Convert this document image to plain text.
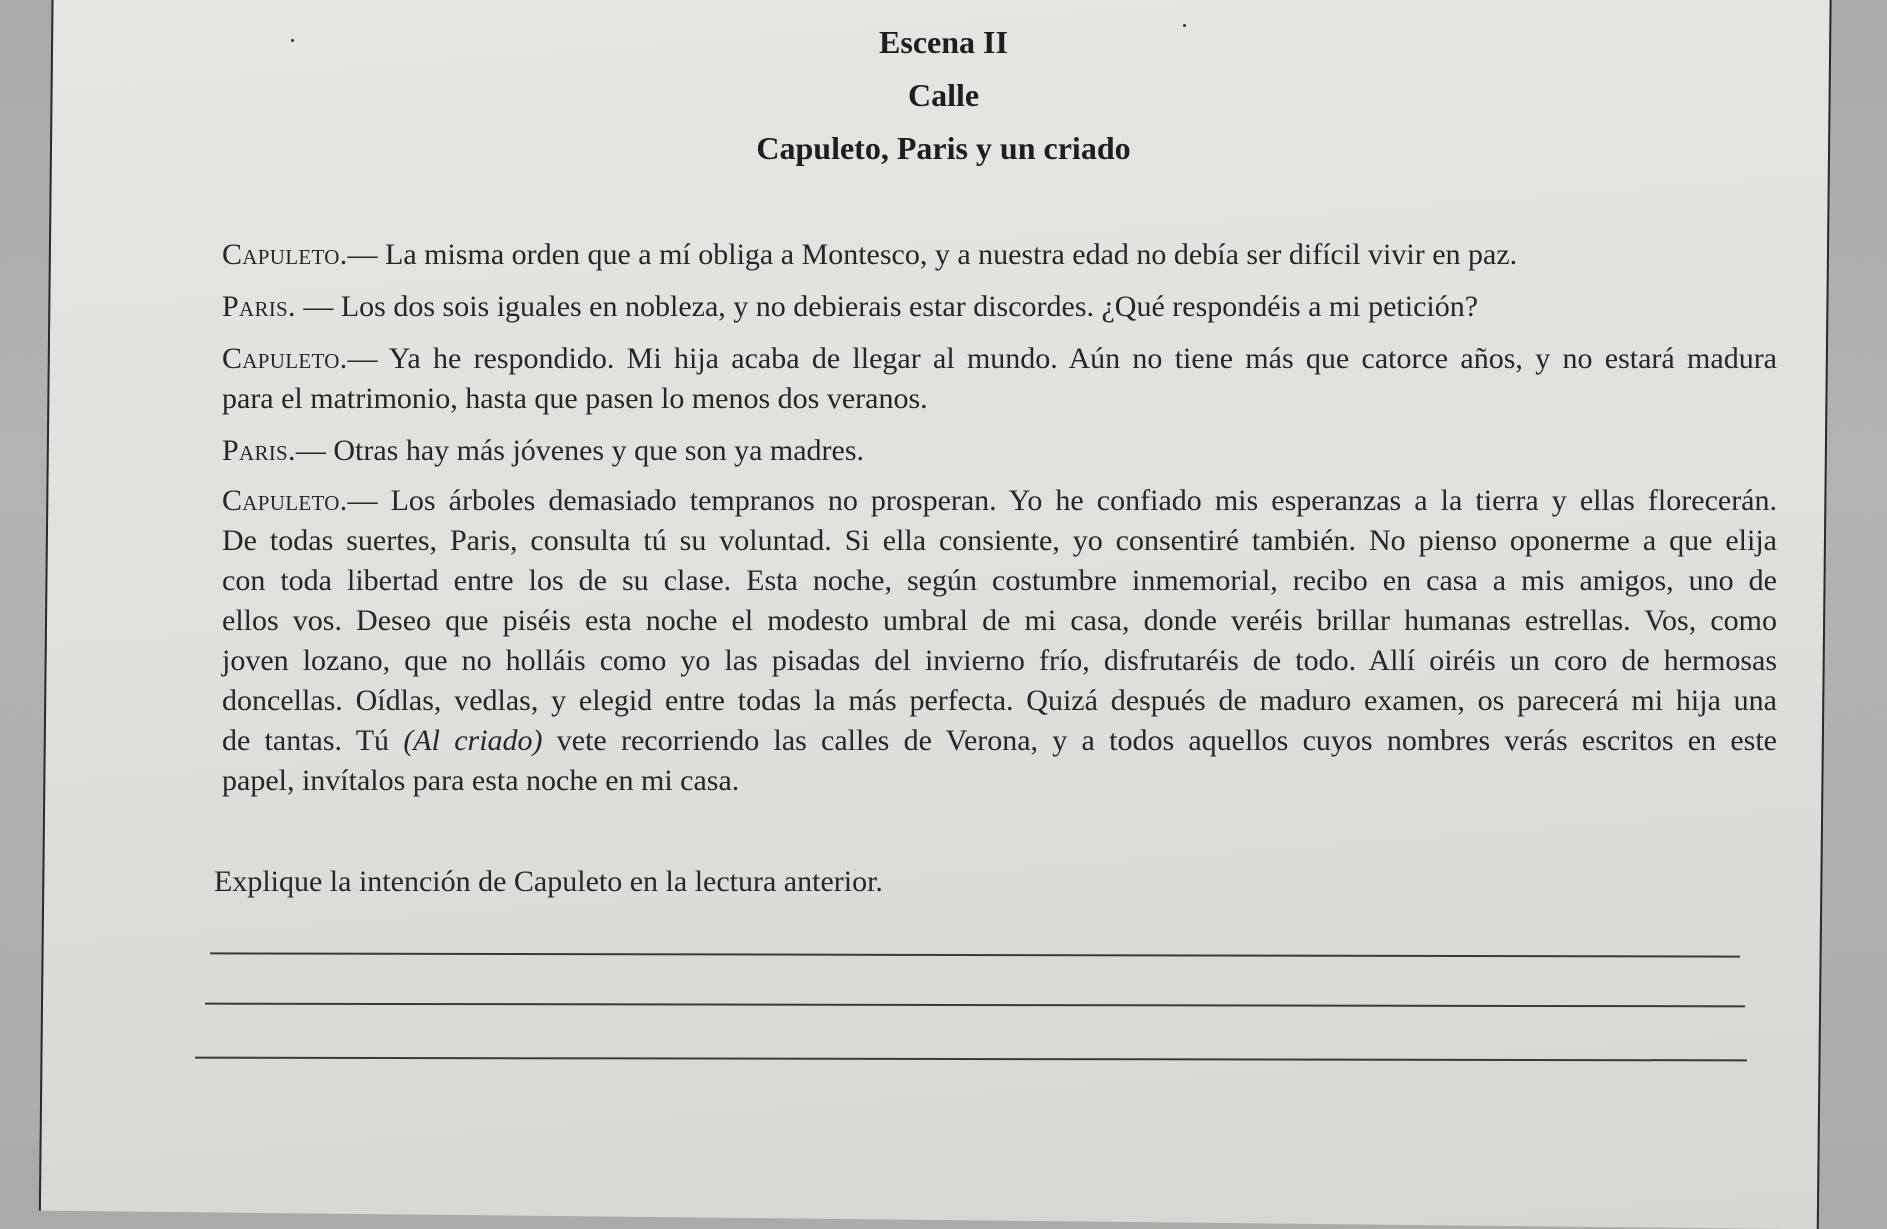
Escena II
Calle
Capuleto, Paris y un criado
Capuleto.— La misma orden que a mí obliga a Montesco, y a nuestra edad no debía ser difícil vivir en paz.
Paris. — Los dos sois iguales en nobleza, y no debierais estar discordes. ¿Qué respondéis a mi petición?
Capuleto.— Ya he respondido. Mi hija acaba de llegar al mundo. Aún no tiene más que catorce años, y no estará madura
para el matrimonio, hasta que pasen lo menos dos veranos.
Paris.— Otras hay más jóvenes y que son ya madres.
Capuleto.— Los árboles demasiado tempranos no prosperan. Yo he confiado mis esperanzas a la tierra y ellas florecerán.
De todas suertes, Paris, consulta tú su voluntad. Si ella consiente, yo consentiré también. No pienso oponerme a que elija
con toda libertad entre los de su clase. Esta noche, según costumbre inmemorial, recibo en casa a mis amigos, uno de
ellos vos. Deseo que piséis esta noche el modesto umbral de mi casa, donde veréis brillar humanas estrellas. Vos, como
joven lozano, que no holláis como yo las pisadas del invierno frío, disfrutaréis de todo. Allí oiréis un coro de hermosas
doncellas. Oídlas, vedlas, y elegid entre todas la más perfecta. Quizá después de maduro examen, os parecerá mi hija una
de tantas. Tú (Al criado) vete recorriendo las calles de Verona, y a todos aquellos cuyos nombres verás escritos en este
papel, invítalos para esta noche en mi casa.
Explique la intención de Capuleto en la lectura anterior.
